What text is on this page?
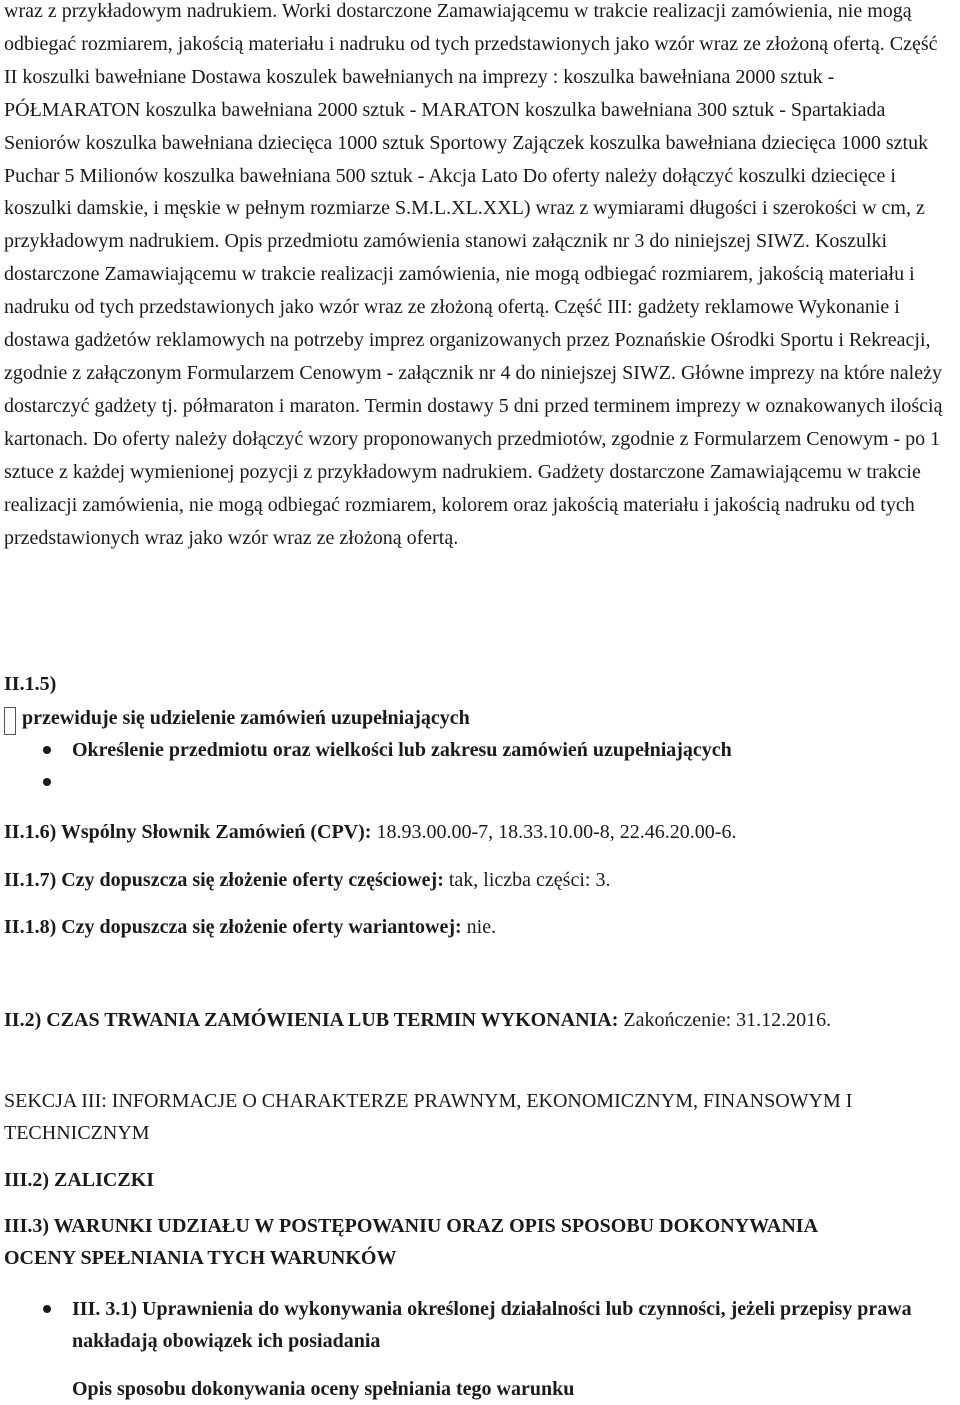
wraz z przykładowym nadrukiem. Worki dostarczone Zamawiającemu w trakcie realizacji zamówienia, nie mogą odbiegać rozmiarem, jakością materiału i nadruku od tych przedstawionych jako wzór wraz ze złożoną ofertą. Część II koszulki bawełniane Dostawa koszulek bawełnianych na imprezy : koszulka bawełniana 2000 sztuk - PÓŁMARATON koszulka bawełniana 2000 sztuk - MARATON koszulka bawełniana 300 sztuk - Spartakiada Seniorów koszulka bawełniana dziecięca 1000 sztuk Sportowy Zajączek koszulka bawełniana dziecięca 1000 sztuk Puchar 5 Milionów koszulka bawełniana 500 sztuk - Akcja Lato Do oferty należy dołączyć koszulki dziecięce i koszulki damskie, i męskie w pełnym rozmiarze S.M.L.XL.XXL) wraz z wymiarami długości i szerokości w cm, z przykładowym nadrukiem. Opis przedmiotu zamówienia stanowi załącznik nr 3 do niniejszej SIWZ. Koszulki dostarczone Zamawiającemu w trakcie realizacji zamówienia, nie mogą odbiegać rozmiarem, jakością materiału i nadruku od tych przedstawionych jako wzór wraz ze złożoną ofertą. Część III: gadżety reklamowe Wykonanie i dostawa gadżetów reklamowych na potrzeby imprez organizowanych przez Poznańskie Ośrodki Sportu i Rekreacji, zgodnie z załączonym Formularzem Cenowym - załącznik nr 4 do niniejszej SIWZ. Główne imprezy na które należy dostarczyć gadżety tj. półmaraton i maraton. Termin dostawy 5 dni przed terminem imprezy w oznakowanych ilością kartonach. Do oferty należy dołączyć wzory proponowanych przedmiotów, zgodnie z Formularzem Cenowym - po 1 sztuce z każdej wymienionej pozycji z przykładowym nadrukiem. Gadżety dostarczone Zamawiającemu w trakcie realizacji zamówienia, nie mogą odbiegać rozmiarem, kolorem oraz jakością materiału i jakością nadruku od tych przedstawionych wraz jako wzór wraz ze złożoną ofertą.

II.1.5)

przewiduje się udzielenie zamówień uzupełniających
Określenie przedmiotu oraz wielkości lub zakresu zamówień uzupełniających

II.1.6) Wspólny Słownik Zamówień (CPV): 18.93.00.00-7, 18.33.10.00-8, 22.46.20.00-6.

II.1.7) Czy dopuszcza się złożenie oferty częściowej: tak, liczba części: 3.

II.1.8) Czy dopuszcza się złożenie oferty wariantowej: nie.

II.2) CZAS TRWANIA ZAMÓWIENIA LUB TERMIN WYKONANIA: Zakończenie: 31.12.2016.

SEKCJA III: INFORMACJE O CHARAKTERZE PRAWNYM, EKONOMICZNYM, FINANSOWYM I TECHNICZNYM

III.2) ZALICZKI

III.3) WARUNKI UDZIAŁU W POSTĘPOWANIU ORAZ OPIS SPOSOBU DOKONYWANIA OCENY SPEŁNIANIA TYCH WARUNKÓW

III. 3.1) Uprawnienia do wykonywania określonej działalności lub czynności, jeżeli przepisy prawa nakładają obowiązek ich posiadania

Opis sposobu dokonywania oceny spełniania tego warunku
